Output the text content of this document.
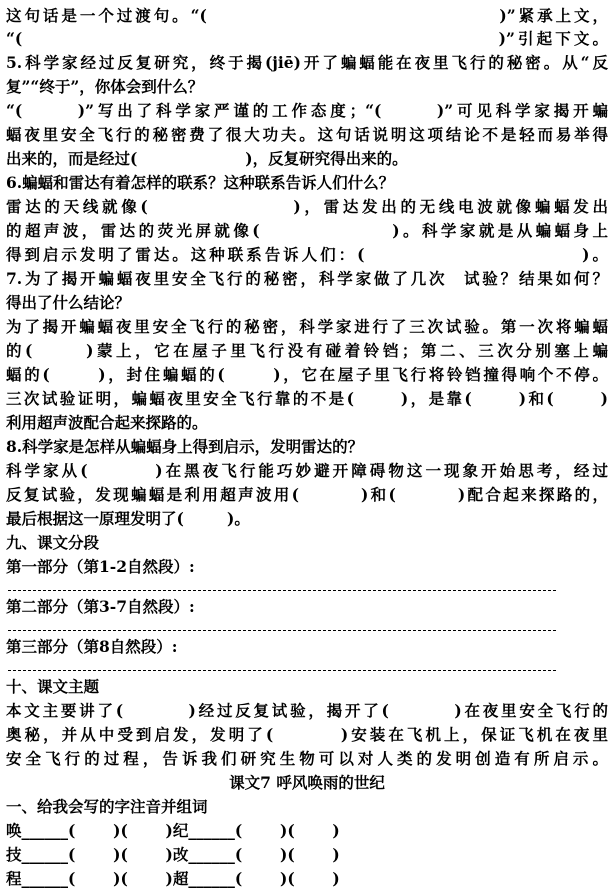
这句话是一个过渡句。“(                                   )”紧承上文，
“(                                                        )”引起下文。
5.科学家经过反复研究，终于揭(jiē)开了蝙蝠能在夜里飞行的秘密。从“反
复”“终于”，你体会到什么？
“(      )”写出了科学家严谨的工作态度；“(      )”可见科学家揭开蝙
蝠夜里安全飞行的秘密费了很大功夫。这句话说明这项结论不是轻而易举得
出来的，而是经过(                    )，反复研究得出来的。
6.蝙蝠和雷达有着怎样的联系？这种联系告诉人们什么？
雷达的天线就像(                )，雷达发出的无线电波就像蝙蝠发出
的超声波，雷达的荧光屏就像(               )。科学家就是从蝙蝠身上
得到启示发明了雷达。这种联系告诉人们：(                          )。
7.为了揭开蝙蝠夜里安全飞行的秘密，科学家做了几次  试验？结果如何？
得出了什么结论？
为了揭开蝙蝠夜里安全飞行的秘密，科学家进行了三次试验。第一次将蝙蝠
的(      )蒙上，它在屋子里飞行没有碰着铃铛；第二、三次分别塞上蝙
蝠的(      )，封住蝙蝠的(      )，它在屋子里飞行将铃铛撞得响个不停。
三次试验证明，蝙蝠夜里安全飞行靠的不是(      )，是靠(      )和(      )
利用超声波配合起来探路的。
8.科学家是怎样从蝙蝠身上得到启示，发明雷达的？
科学家从(        )在黑夜飞行能巧妙避开障碍物这一现象开始思考，经过
反复试验，发现蝙蝠是利用超声波用(        )和(        )配合起来探路的，
最后根据这一原理发明了(        )。
九、课文分段
第一部分（第1-2自然段）:
第二部分（第3-7自然段）:
第三部分（第8自然段）:
十、课文主题
本文主要讲了(        )经过反复试验，揭开了(        )在夜里安全飞行的
奥秘，并从中受到启发，发明了(        )安装在飞机上，保证飞机在夜里
安全飞行的过程，告诉我们研究生物可以对人类的发明创造有所启示。
课文7 呼风唤雨的世纪
一、给我会写的字注音并组词
唤______(       )(       )纪______(       )(       )
技______(       )(       )改______(       )(       )
程______(       )(       )超______(       )(       )
